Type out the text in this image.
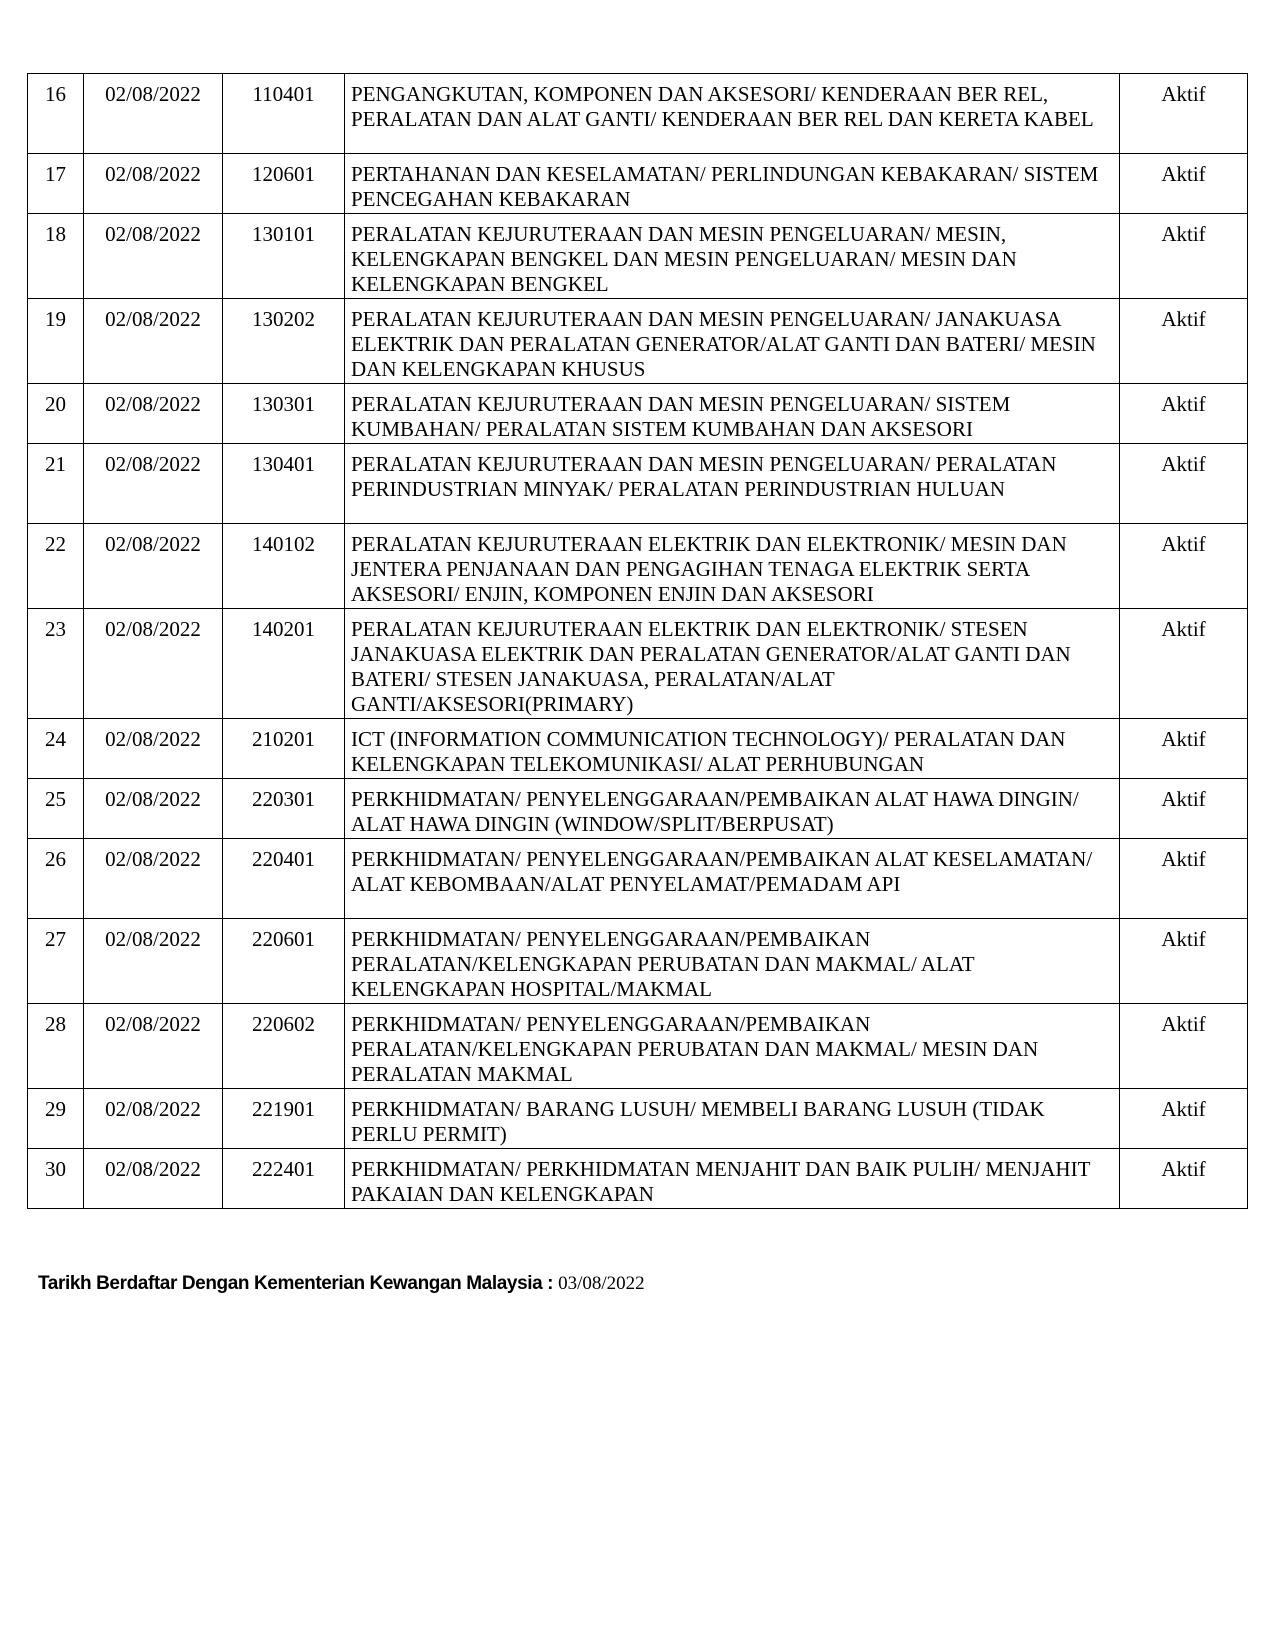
16	02/08/2022	110401	PENGANGKUTAN, KOMPONEN DAN AKSESORI/ KENDERAAN BER REL, PERALATAN DAN ALAT GANTI/ KENDERAAN BER REL DAN KERETA KABEL	Aktif
17	02/08/2022	120601	PERTAHANAN DAN KESELAMATAN/ PERLINDUNGAN KEBAKARAN/ SISTEM PENCEGAHAN KEBAKARAN	Aktif
18	02/08/2022	130101	PERALATAN KEJURUTERAAN DAN MESIN PENGELUARAN/ MESIN, KELENGKAPAN BENGKEL DAN MESIN PENGELUARAN/ MESIN DAN KELENGKAPAN BENGKEL	Aktif
19	02/08/2022	130202	PERALATAN KEJURUTERAAN DAN MESIN PENGELUARAN/ JANAKUASA ELEKTRIK DAN PERALATAN GENERATOR/ALAT GANTI DAN BATERI/ MESIN DAN KELENGKAPAN KHUSUS	Aktif
20	02/08/2022	130301	PERALATAN KEJURUTERAAN DAN MESIN PENGELUARAN/ SISTEM KUMBAHAN/ PERALATAN SISTEM KUMBAHAN DAN AKSESORI	Aktif
21	02/08/2022	130401	PERALATAN KEJURUTERAAN DAN MESIN PENGELUARAN/ PERALATAN PERINDUSTRIAN MINYAK/ PERALATAN PERINDUSTRIAN HULUAN	Aktif
22	02/08/2022	140102	PERALATAN KEJURUTERAAN ELEKTRIK DAN ELEKTRONIK/ MESIN DAN JENTERA PENJANAAN DAN PENGAGIHAN TENAGA ELEKTRIK SERTA AKSESORI/ ENJIN, KOMPONEN ENJIN DAN AKSESORI	Aktif
23	02/08/2022	140201	PERALATAN KEJURUTERAAN ELEKTRIK DAN ELEKTRONIK/ STESEN JANAKUASA ELEKTRIK DAN PERALATAN GENERATOR/ALAT GANTI DAN BATERI/ STESEN JANAKUASA, PERALATAN/ALAT GANTI/AKSESORI(PRIMARY)	Aktif
24	02/08/2022	210201	ICT (INFORMATION COMMUNICATION TECHNOLOGY)/ PERALATAN DAN KELENGKAPAN TELEKOMUNIKASI/ ALAT PERHUBUNGAN	Aktif
25	02/08/2022	220301	PERKHIDMATAN/ PENYELENGGARAAN/PEMBAIKAN ALAT HAWA DINGIN/ ALAT HAWA DINGIN (WINDOW/SPLIT/BERPUSAT)	Aktif
26	02/08/2022	220401	PERKHIDMATAN/ PENYELENGGARAAN/PEMBAIKAN ALAT KESELAMATAN/ ALAT KEBOMBAAN/ALAT PENYELAMAT/PEMADAM API	Aktif
27	02/08/2022	220601	PERKHIDMATAN/ PENYELENGGARAAN/PEMBAIKAN PERALATAN/KELENGKAPAN PERUBATAN DAN MAKMAL/ ALAT KELENGKAPAN HOSPITAL/MAKMAL	Aktif
28	02/08/2022	220602	PERKHIDMATAN/ PENYELENGGARAAN/PEMBAIKAN PERALATAN/KELENGKAPAN PERUBATAN DAN MAKMAL/ MESIN DAN PERALATAN MAKMAL	Aktif
29	02/08/2022	221901	PERKHIDMATAN/ BARANG LUSUH/ MEMBELI BARANG LUSUH (TIDAK PERLU PERMIT)	Aktif
30	02/08/2022	222401	PERKHIDMATAN/ PERKHIDMATAN MENJAHIT DAN BAIK PULIH/ MENJAHIT PAKAIAN DAN KELENGKAPAN	Aktif
Tarikh Berdaftar Dengan Kementerian Kewangan Malaysia : 03/08/2022
